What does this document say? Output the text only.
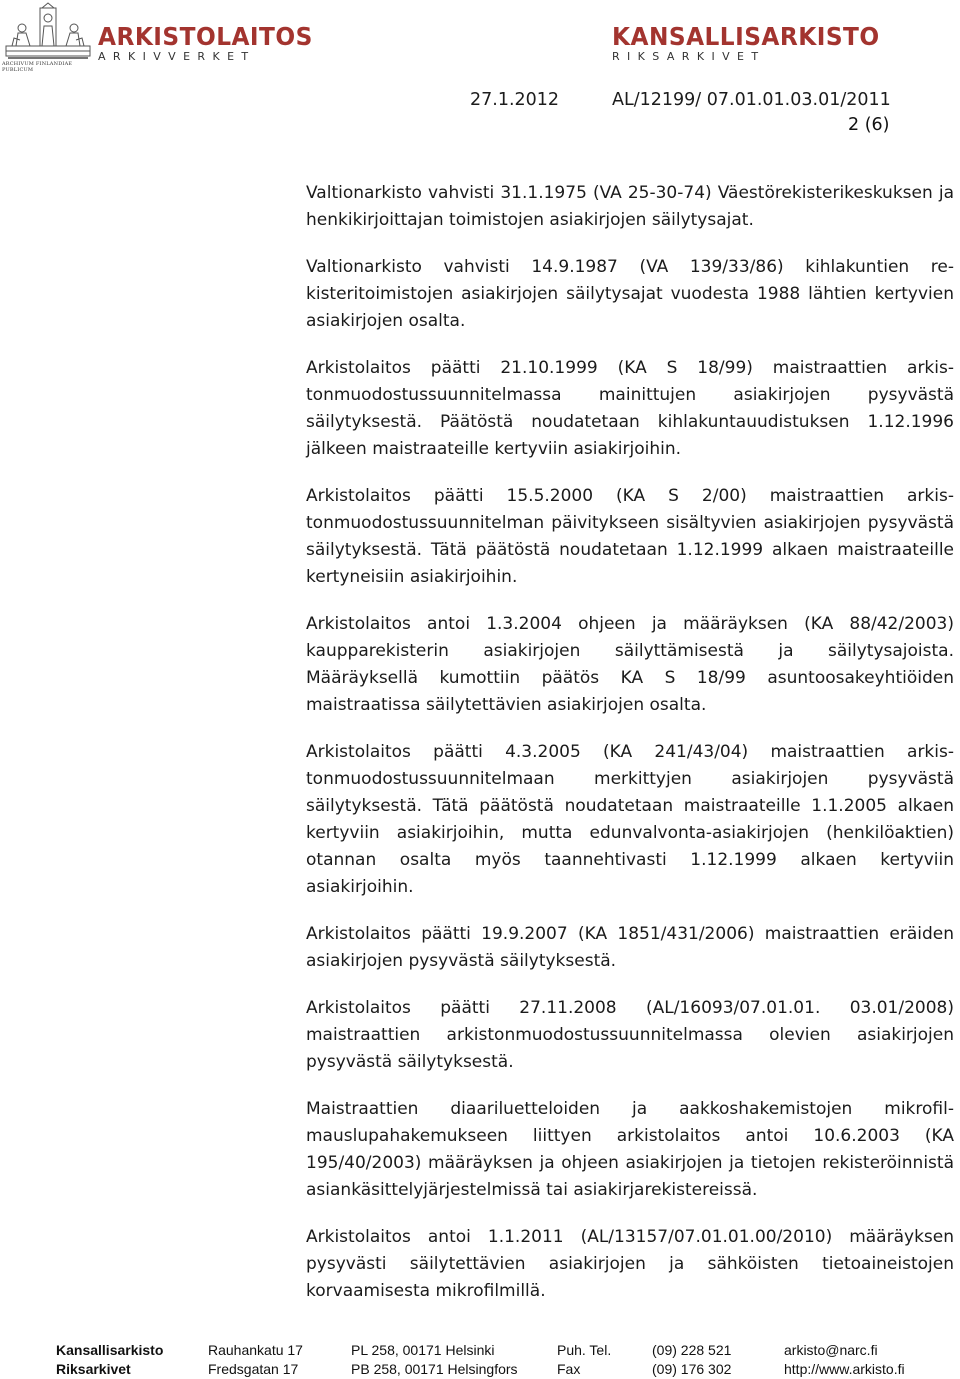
ARCHIVUM FINLANDIAE PUBLICUM
ARKISTOLAITOS
ARKIVVERKET
KANSALLISARKISTO
RIKSARKIVET
27.1.2012	AL/12199/ 07.01.01.03.01/2011
2 (6)

Valtionarkisto vahvisti 31.1.1975 (VA 25-30-74) Väestörekisterikeskuksen ja henkikirjoittajan toimistojen asiakirjojen säilytysajat.

Valtionarkisto vahvisti 14.9.1987 (VA 139/33/86) kihlakuntien rekisteritoimistojen asiakirjojen säilytysajat vuodesta 1988 lähtien kertyvien asiakirjojen osalta.

Arkistolaitos päätti 21.10.1999 (KA S 18/99) maistraattien arkistonmuodostussuunnitelmassa mainittujen asiakirjojen pysyvästä säilytyksestä. Päätöstä noudatetaan kihlakuntauudistuksen 1.12.1996 jälkeen maistraateille kertyviin asiakirjoihin.

Arkistolaitos päätti 15.5.2000 (KA S 2/00) maistraattien arkistonmuodostussuunnitelman päivitykseen sisältyvien asiakirjojen pysyvästä säilytyksestä. Tätä päätöstä noudatetaan 1.12.1999 alkaen maistraateille kertyneisiin asiakirjoihin.

Arkistolaitos antoi 1.3.2004 ohjeen ja määräyksen (KA 88/42/2003) kaupparekisterin asiakirjojen säilyttämisestä ja säilytysajoista. Määräyksellä kumottiin päätös KA S 18/99 asuntoosakeyhtiöiden maistraatissa säilytettävien asiakirjojen osalta.

Arkistolaitos päätti 4.3.2005 (KA 241/43/04) maistraattien arkistonmuodostussuunnitelmaan merkittyjen asiakirjojen pysyvästä säilytyksestä. Tätä päätöstä noudatetaan maistraateille 1.1.2005 alkaen kertyviin asiakirjoihin, mutta edunvalvonta-asiakirjojen (henkilöaktien) otannan osalta myös taannehtivasti 1.12.1999 alkaen kertyviin asiakirjoihin.

Arkistolaitos päätti 19.9.2007 (KA 1851/431/2006) maistraattien eräiden asiakirjojen pysyvästä säilytyksestä.

Arkistolaitos päätti 27.11.2008 (AL/16093/07.01.01. 03.01/2008) maistraattien arkistonmuodostussuunnitelmassa olevien asiakirjojen pysyvästä säilytyksestä.

Maistraattien diaariluetteloiden ja aakkoshakemistojen mikrofilmauslupahakemukseen liittyen arkistolaitos antoi 10.6.2003 (KA 195/40/2003) määräyksen ja ohjeen asiakirjojen ja tietojen rekisteröinnistä asiankäsittelyjärjestelmissä tai asiakirjarekistereissä.

Arkistolaitos antoi 1.1.2011 (AL/13157/07.01.01.00/2010) määräyksen pysyvästi säilytettävien asiakirjojen ja sähköisten tietoaineistojen korvaamisesta mikrofilmillä.

Kansallisarkisto	Rauhankatu 17	PL 258, 00171 Helsinki	Puh. Tel.	(09) 228 521	arkisto@narc.fi
Riksarkivet	Fredsgatan 17	PB 258, 00171 Helsingfors	Fax	(09) 176 302	http://www.arkisto.fi
